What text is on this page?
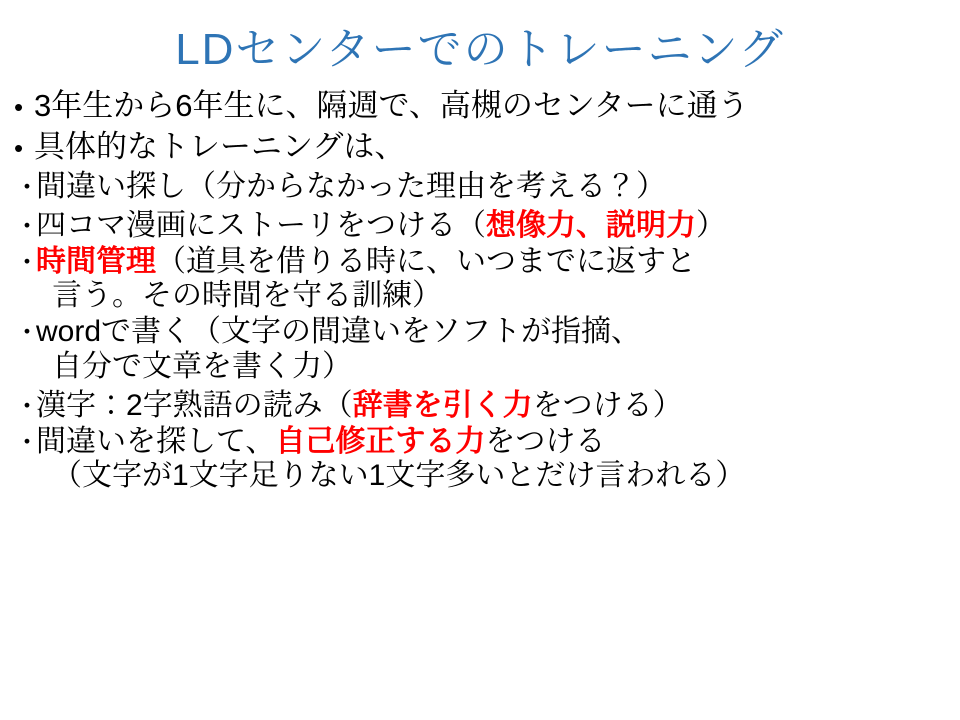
LDセンターでのトレーニング
• 3年生から6年生に、隔週で、高槻のセンターに通う
• 具体的なトレーニングは、
・間違い探し（分からなかった理由を考える？）
・四コマ漫画にストーリをつける（想像力、説明力）
・時間管理（道具を借りる時に、いつまでに返すと
言う。その時間を守る訓練）
・wordで書く（文字の間違いをソフトが指摘、
自分で文章を書く力）
・漢字：2字熟語の読み（辞書を引く力をつける）
・間違いを探して、自己修正する力をつける
（文字が1文字足りない1文字多いとだけ言われる）
